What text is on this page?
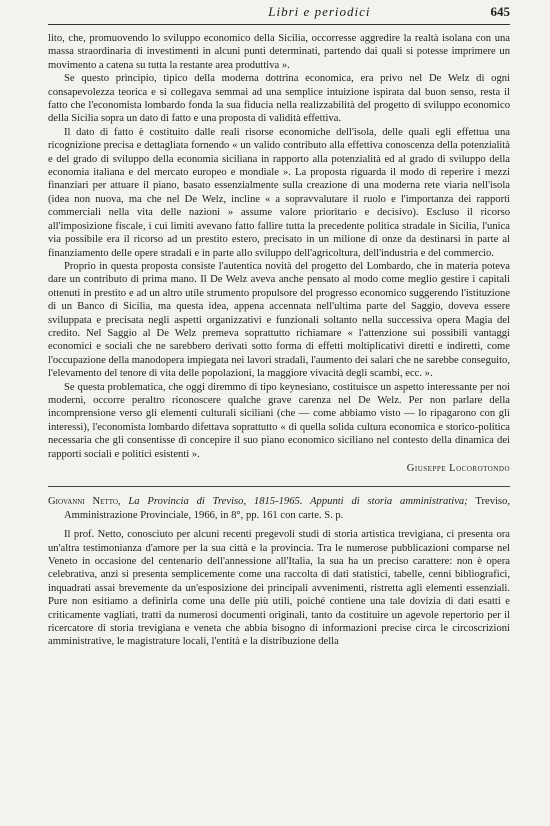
Libri e periodici	645

lito, che, promuovendo lo sviluppo economico della Sicilia, occorresse aggredire la realtà isolana con una massa straordinaria di investimenti in alcuni punti determinati, partendo dai quali si potesse imprimere un movimento a catena su tutta la restante area produttiva ».

Se questo principio, tipico della moderna dottrina economica, era privo nel De Welz di ogni consapevolezza teorica e si collegava semmai ad una semplice intuizione ispirata dal buon senso, resta il fatto che l'economista lombardo fonda la sua fiducia nella realizzabilità del progetto di sviluppo economico della Sicilia sopra un dato di fatto e una proposta di validità effettiva.

Il dato di fatto è costituito dalle reali risorse economiche dell'isola, delle quali egli effettua una ricognizione precisa e dettagliata fornendo « un valido contributo alla effettiva conoscenza della potenzialità e del grado di sviluppo della economia siciliana in rapporto alla potenzialità ed al grado di sviluppo della economia italiana e del mercato europeo e mondiale ». La proposta riguarda il modo di reperire i mezzi finanziari per attuare il piano, basato essenzialmente sulla creazione di una moderna rete viaria nell'isola (idea non nuova, ma che nel De Welz, incline « a sopravvalutare il ruolo e l'importanza dei rapporti commerciali nella vita delle nazioni » assume valore prioritario e decisivo). Escluso il ricorso all'imposizione fiscale, i cui limiti avevano fatto fallire tutta la precedente politica stradale in Sicilia, l'unica via possibile era il ricorso ad un prestito estero, precisato in un milione di onze da destinarsi in parte al finanziamento delle opere stradali e in parte allo sviluppo dell'agricoltura, dell'industria e del commercio.

Proprio in questa proposta consiste l'autentica novità del progetto del Lombardo, che in materia poteva dare un contributo di prima mano. Il De Welz aveva anche pensato al modo come meglio gestire i capitali ottenuti in prestito e ad un altro utile strumento propulsore del progresso economico suggerendo l'istituzione di un Banco di Sicilia, ma questa idea, appena accennata nell'ultima parte del Saggio, doveva essere sviluppata e precisata negli aspetti organizzativi e funzionali soltanto nella successiva opera Magia del credito. Nel Saggio al De Welz premeva soprattutto richiamare « l'attenzione sui possibili vantaggi economici e sociali che ne sarebbero derivati sotto forma di effetti moltiplicativi diretti e indiretti, come l'occupazione della manodopera impiegata nei lavori stradali, l'aumento dei salari che ne sarebbe conseguito, l'elevamento del tenore di vita delle popolazioni, la maggiore vivacità degli scambi, ecc. ».

Se questa problematica, che oggi diremmo di tipo keynesiano, costituisce un aspetto interessante per noi moderni, occorre peraltro riconoscere qualche grave carenza nel De Welz. Per non parlare della incomprensione verso gli elementi culturali siciliani (che — come abbiamo visto — lo ripagarono con gli interessi), l'economista lombardo difettava soprattutto « di quella solida cultura economica e storico-politica necessaria che gli consentisse di concepire il suo piano economico siciliano nel contesto della dinamica dei rapporti sociali e politici esistenti ».

Giuseppe Locorotondo
Giovanni Netto, La Provincia di Treviso, 1815-1965. Appunti di storia amministrativa; Treviso, Amministrazione Provinciale, 1966, in 8°, pp. 161 con carte. S. p.

Il prof. Netto, conosciuto per alcuni recenti pregevoli studi di storia artistica trevigiana, ci presenta ora un'altra testimonianza d'amore per la sua città e la provincia. Tra le numerose pubblicazioni comparse nel Veneto in occasione del centenario dell'annessione all'Italia, la sua ha un preciso carattere: non è opera celebrativa, anzi si presenta semplicemente come una raccolta di dati statistici, tabelle, cenni bibliografici, inquadrati assai brevemente da un'esposizione dei principali avvenimenti, ristretta agli elementi essenziali. Pure non esitiamo a definirla come una delle più utili, poiché contiene una tale dovizia di dati esatti e criticamente vagliati, tratti da numerosi documenti originali, tanto da costituire un agevole repertorio per il ricercatore di storia trevigiana e veneta che abbia bisogno di informazioni precise circa le circoscrizioni amministrative, le magistrature locali, l'entità e la distribuzione della
